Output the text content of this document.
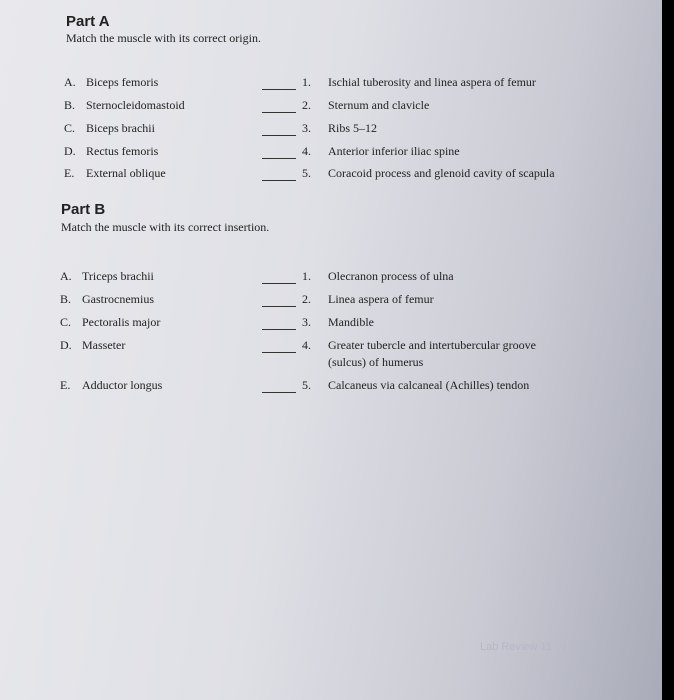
Part A
Match the muscle with its correct origin.
A. Biceps femoris	1. Ischial tuberosity and linea aspera of femur
B. Sternocleidomastoid	2. Sternum and clavicle
C. Biceps brachii	3. Ribs 5–12
D. Rectus femoris	4. Anterior inferior iliac spine
E. External oblique	5. Coracoid process and glenoid cavity of scapula
Part B
Match the muscle with its correct insertion.
A. Triceps brachii	1. Olecranon process of ulna
B. Gastrocnemius	2. Linea aspera of femur
C. Pectoralis major	3. Mandible
D. Masseter	4. Greater tubercle and intertubercular groove
(sulcus) of humerus
E. Adductor longus	5. Calcaneus via calcaneal (Achilles) tendon
Lab Review 11 | 153
